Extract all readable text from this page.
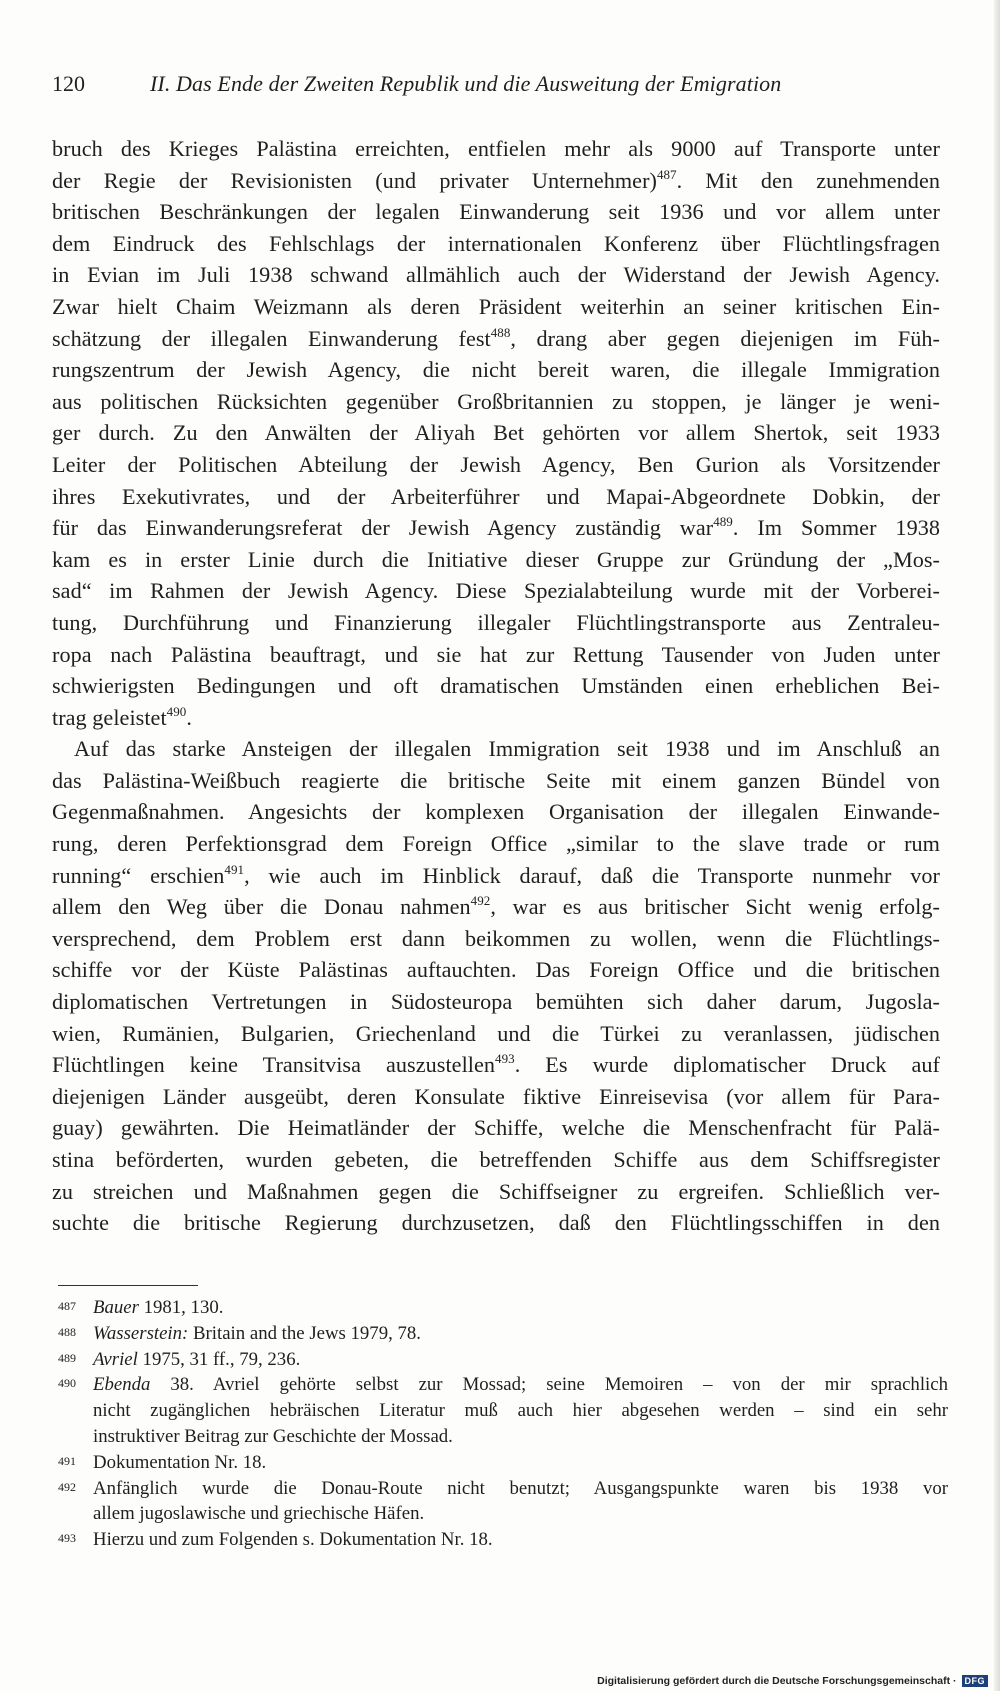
120	II. Das Ende der Zweiten Republik und die Ausweitung der Emigration
bruch des Krieges Palästina erreichten, entfielen mehr als 9000 auf Transporte unter
der Regie der Revisionisten (und privater Unternehmer)$^{487}$. Mit den zunehmenden
britischen Beschränkungen der legalen Einwanderung seit 1936 und vor allem unter
dem Eindruck des Fehlschlags der internationalen Konferenz über Flüchtlingsfragen
in Evian im Juli 1938 schwand allmählich auch der Widerstand der Jewish Agency.
Zwar hielt Chaim Weizmann als deren Präsident weiterhin an seiner kritischen Ein-
schätzung der illegalen Einwanderung fest$^{488}$, drang aber gegen diejenigen im Füh-
rungszentrum der Jewish Agency, die nicht bereit waren, die illegale Immigration
aus politischen Rücksichten gegenüber Großbritannien zu stoppen, je länger je weni-
ger durch. Zu den Anwälten der Aliyah Bet gehörten vor allem Shertok, seit 1933
Leiter der Politischen Abteilung der Jewish Agency, Ben Gurion als Vorsitzender
ihres Exekutivrates, und der Arbeiterführer und Mapai-Abgeordnete Dobkin, der
für das Einwanderungsreferat der Jewish Agency zuständig war$^{489}$. Im Sommer 1938
kam es in erster Linie durch die Initiative dieser Gruppe zur Gründung der „Mos-
sad“ im Rahmen der Jewish Agency. Diese Spezialabteilung wurde mit der Vorberei-
tung, Durchführung und Finanzierung illegaler Flüchtlingstransporte aus Zentraleu-
ropa nach Palästina beauftragt, und sie hat zur Rettung Tausender von Juden unter
schwierigsten Bedingungen und oft dramatischen Umständen einen erheblichen Bei-
trag geleistet$^{490}$.
Auf das starke Ansteigen der illegalen Immigration seit 1938 und im Anschluß an
das Palästina-Weißbuch reagierte die britische Seite mit einem ganzen Bündel von
Gegenmaßnahmen. Angesichts der komplexen Organisation der illegalen Einwande-
rung, deren Perfektionsgrad dem Foreign Office „similar to the slave trade or rum
running“ erschien$^{491}$, wie auch im Hinblick darauf, daß die Transporte nunmehr vor
allem den Weg über die Donau nahmen$^{492}$, war es aus britischer Sicht wenig erfolg-
versprechend, dem Problem erst dann beikommen zu wollen, wenn die Flüchtlings-
schiffe vor der Küste Palästinas auftauchten. Das Foreign Office und die britischen
diplomatischen Vertretungen in Südosteuropa bemühten sich daher darum, Jugosla-
wien, Rumänien, Bulgarien, Griechenland und die Türkei zu veranlassen, jüdischen
Flüchtlingen keine Transitvisa auszustellen$^{493}$. Es wurde diplomatischer Druck auf
diejenigen Länder ausgeübt, deren Konsulate fiktive Einreisevisa (vor allem für Para-
guay) gewährten. Die Heimatländer der Schiffe, welche die Menschenfracht für Palä-
stina beförderten, wurden gebeten, die betreffenden Schiffe aus dem Schiffsregister
zu streichen und Maßnahmen gegen die Schiffseigner zu ergreifen. Schließlich ver-
suchte die britische Regierung durchzusetzen, daß den Flüchtlingsschiffen in den
487 Bauer 1981, 130.
488 Wasserstein: Britain and the Jews 1979, 78.
489 Avriel 1975, 31 ff., 79, 236.
490 Ebenda 38. Avriel gehörte selbst zur Mossad; seine Memoiren – von der mir sprachlich
nicht zugänglichen hebräischen Literatur muß auch hier abgesehen werden – sind ein sehr
instruktiver Beitrag zur Geschichte der Mossad.
491 Dokumentation Nr. 18.
492 Anfänglich wurde die Donau-Route nicht benutzt; Ausgangspunkte waren bis 1938 vor
allem jugoslawische und griechische Häfen.
493 Hierzu und zum Folgenden s. Dokumentation Nr. 18.
Digitalisierung gefördert durch die Deutsche Forschungsgemeinschaft · DFG
